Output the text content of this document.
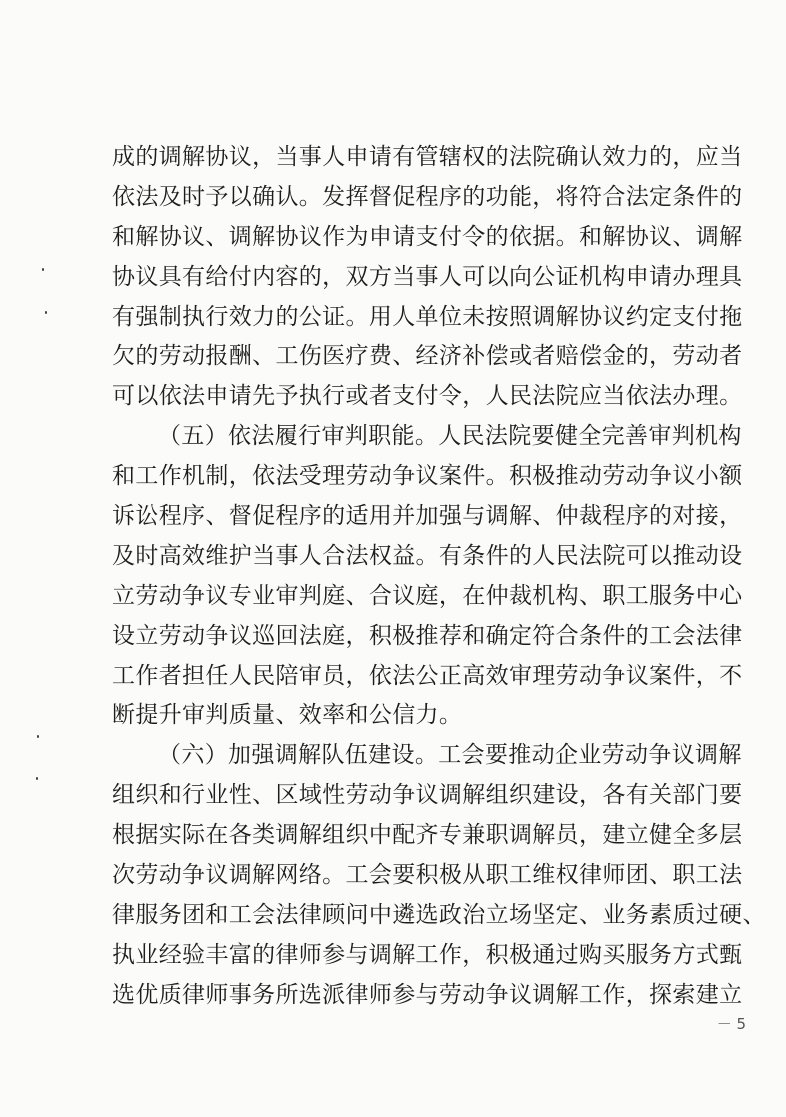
成的调解协议，当事人申请有管辖权的法院确认效力的，应当
依法及时予以确认。发挥督促程序的功能，将符合法定条件的
和解协议、调解协议作为申请支付令的依据。和解协议、调解
协议具有给付内容的，双方当事人可以向公证机构申请办理具
有强制执行效力的公证。用人单位未按照调解协议约定支付拖
欠的劳动报酬、工伤医疗费、经济补偿或者赔偿金的，劳动者
可以依法申请先予执行或者支付令，人民法院应当依法办理。
（五）依法履行审判职能。人民法院要健全完善审判机构
和工作机制，依法受理劳动争议案件。积极推动劳动争议小额
诉讼程序、督促程序的适用并加强与调解、仲裁程序的对接，
及时高效维护当事人合法权益。有条件的人民法院可以推动设
立劳动争议专业审判庭、合议庭，在仲裁机构、职工服务中心
设立劳动争议巡回法庭，积极推荐和确定符合条件的工会法律
工作者担任人民陪审员，依法公正高效审理劳动争议案件，不
断提升审判质量、效率和公信力。
（六）加强调解队伍建设。工会要推动企业劳动争议调解
组织和行业性、区域性劳动争议调解组织建设，各有关部门要
根据实际在各类调解组织中配齐专兼职调解员，建立健全多层
次劳动争议调解网络。工会要积极从职工维权律师团、职工法
律服务团和工会法律顾问中遴选政治立场坚定、业务素质过硬、
执业经验丰富的律师参与调解工作，积极通过购买服务方式甄
选优质律师事务所选派律师参与劳动争议调解工作，探索建立
－ 5
